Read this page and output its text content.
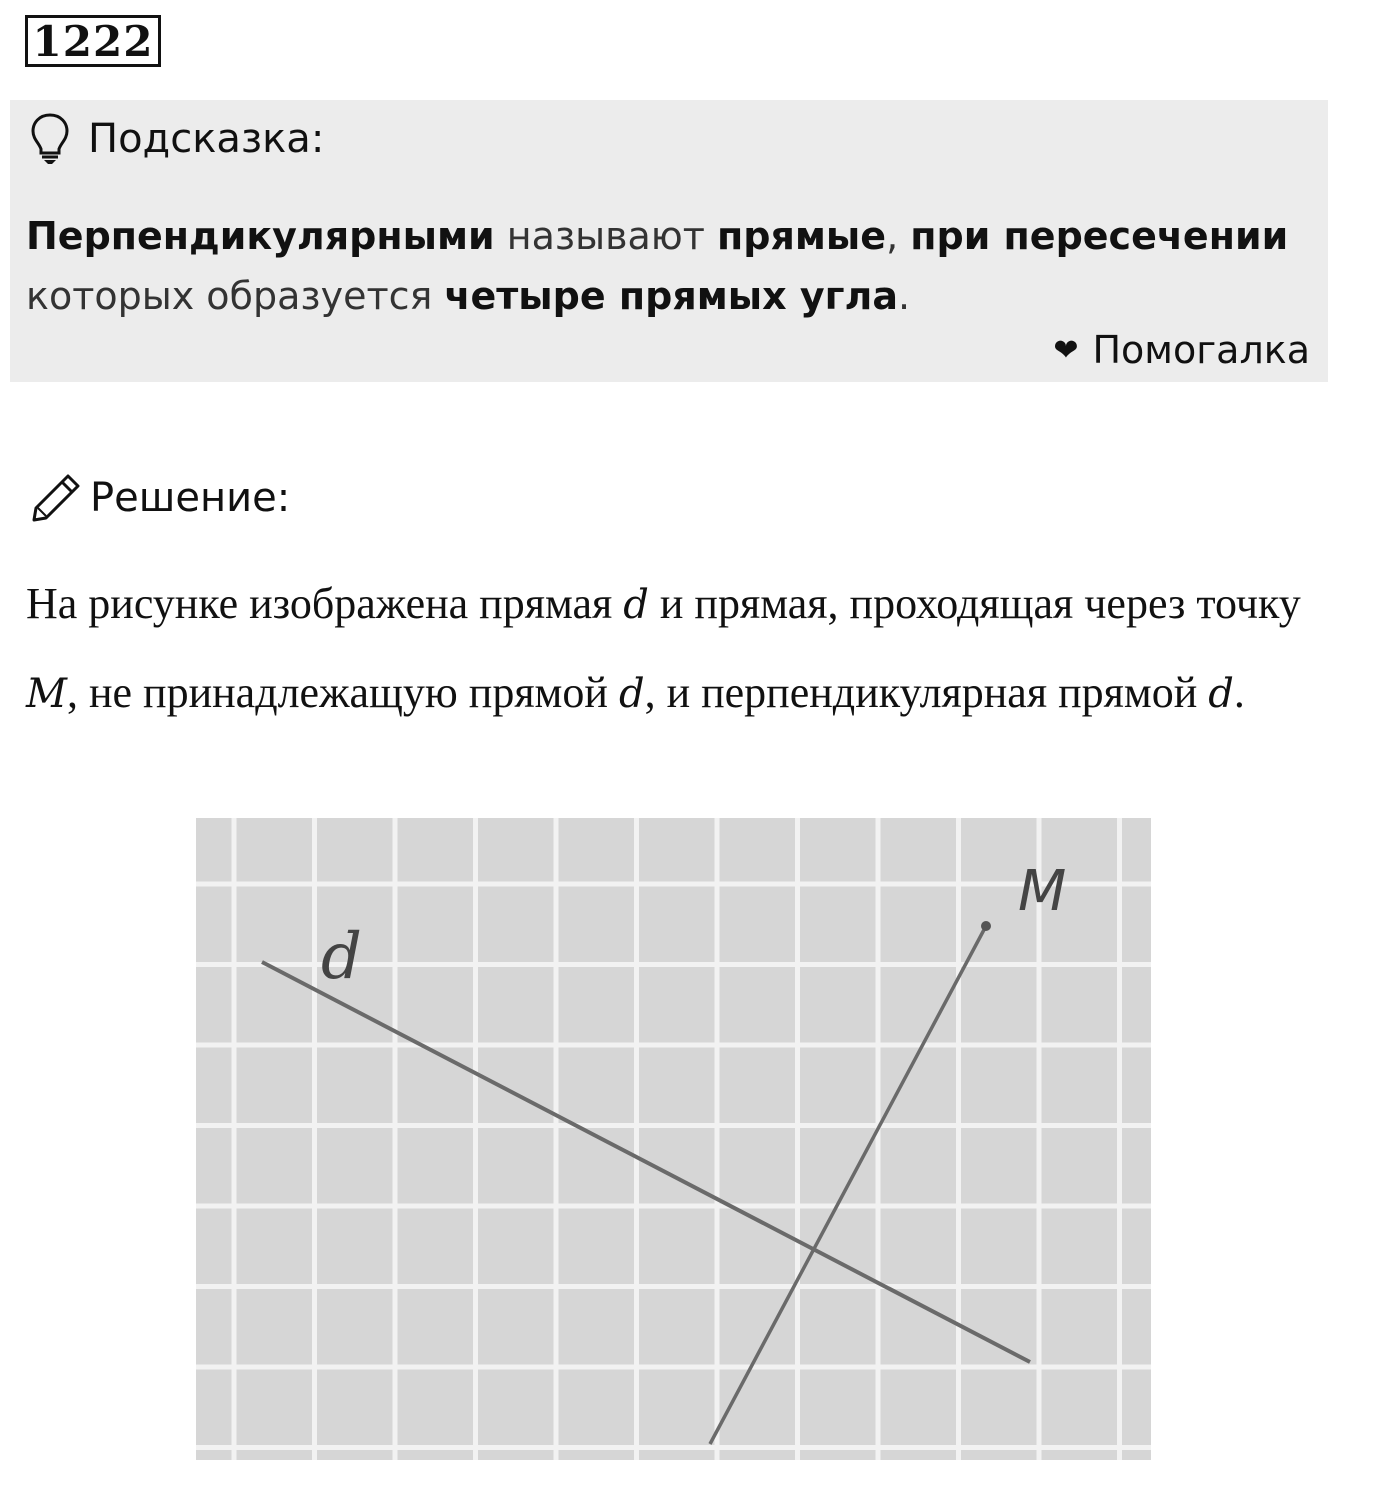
1222
Подсказка:
Перпендикулярными называют прямые, при пересечении которых образуется четыре прямых угла.
❤ Помогалка
Решение:
На рисунке изображена прямая d и прямая, проходящая через точку M, не принадлежащую прямой d, и перпендикулярная прямой d.
d
M
